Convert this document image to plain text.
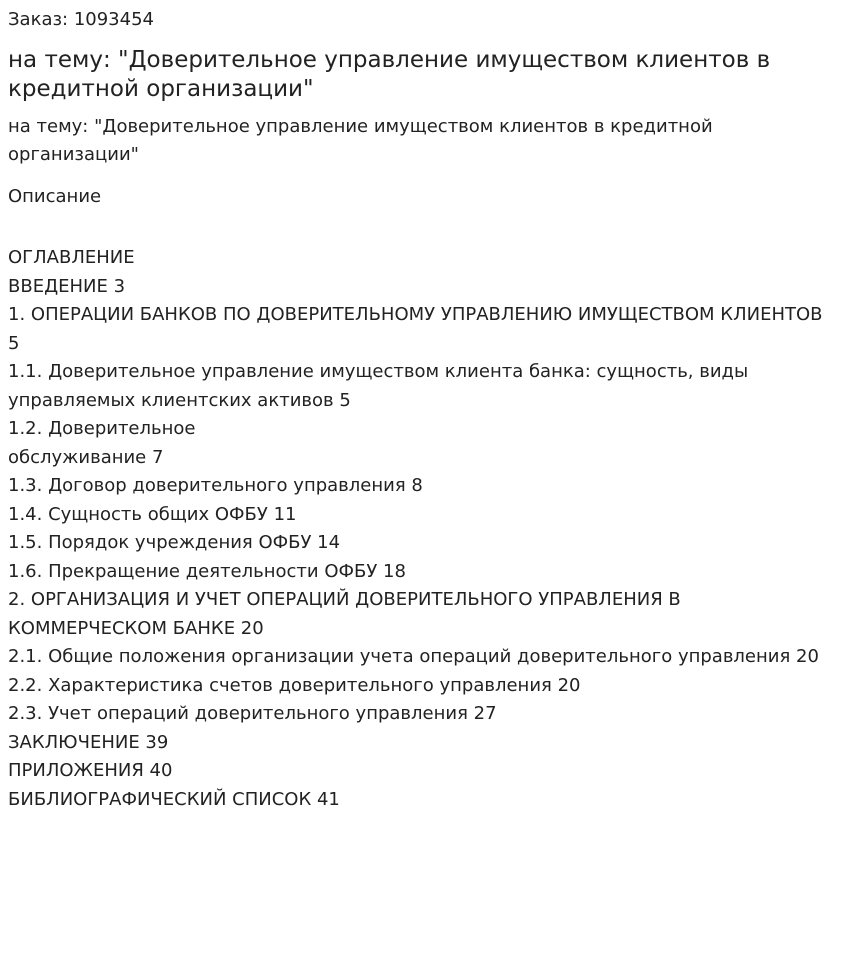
Заказ: 1093454
на тему: "Доверительное управление имуществом клиентов в кредитной организации"
на тему: "Доверительное управление имуществом клиентов в кредитной организации"
Описание
ОГЛАВЛЕНИЕ
ВВЕДЕНИЕ 3
1. ОПЕРАЦИИ БАНКОВ ПО ДОВЕРИТЕЛЬНОМУ УПРАВЛЕНИЮ ИМУЩЕСТВОМ КЛИЕНТОВ 5
1.1. Доверительное управление имуществом клиента банка: сущность, виды управляемых клиентских активов 5
1.2. Доверительное
обслуживание 7
1.3. Договор доверительного управления 8
1.4. Сущность общих ОФБУ 11
1.5. Порядок учреждения ОФБУ 14
1.6. Прекращение деятельности ОФБУ 18
2. ОРГАНИЗАЦИЯ И УЧЕТ ОПЕРАЦИЙ ДОВЕРИТЕЛЬНОГО УПРАВЛЕНИЯ В КОММЕРЧЕСКОМ БАНКЕ 20
2.1. Общие положения организации учета операций доверительного управления 20
2.2. Характеристика счетов доверительного управления 20
2.3. Учет операций доверительного управления 27
ЗАКЛЮЧЕНИЕ 39
ПРИЛОЖЕНИЯ 40
БИБЛИОГРАФИЧЕСКИЙ СПИСОК 41
